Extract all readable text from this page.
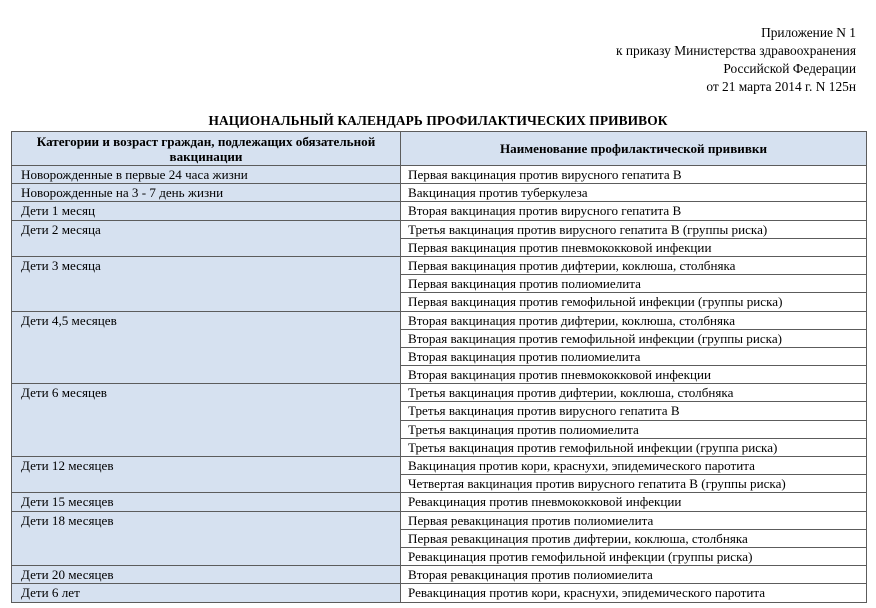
Приложение N 1
к приказу Министерства здравоохранения
Российской Федерации
от 21 марта 2014 г. N 125н
НАЦИОНАЛЬНЫЙ КАЛЕНДАРЬ ПРОФИЛАКТИЧЕСКИХ ПРИВИВОК
Категории и возраст граждан, подлежащих обязательной вакцинации	Наименование профилактической прививки
Новорожденные в первые 24 часа жизни	Первая вакцинация против вирусного гепатита В
Новорожденные на 3 - 7 день жизни	Вакцинация против туберкулеза
Дети 1 месяц	Вторая вакцинация против вирусного гепатита В
Дети 2 месяца	Третья вакцинация против вирусного гепатита В (группы риска)
	Первая вакцинация против пневмококковой инфекции
Дети 3 месяца	Первая вакцинация против дифтерии, коклюша, столбняка
	Первая вакцинация против полиомиелита
	Первая вакцинация против гемофильной инфекции (группы риска)
Дети 4,5 месяцев	Вторая вакцинация против дифтерии, коклюша, столбняка
	Вторая вакцинация против гемофильной инфекции (группы риска)
	Вторая вакцинация против полиомиелита
	Вторая вакцинация против пневмококковой инфекции
Дети 6 месяцев	Третья вакцинация против дифтерии, коклюша, столбняка
	Третья вакцинация против вирусного гепатита В
	Третья вакцинация против полиомиелита
	Третья вакцинация против гемофильной инфекции (группа риска)
Дети 12 месяцев	Вакцинация против кори, краснухи, эпидемического паротита
	Четвертая вакцинация против вирусного гепатита В (группы риска)
Дети 15 месяцев	Ревакцинация против пневмококковой инфекции
Дети 18 месяцев	Первая ревакцинация против полиомиелита
	Первая ревакцинация против дифтерии, коклюша, столбняка
	Ревакцинация против гемофильной инфекции (группы риска)
Дети 20 месяцев	Вторая ревакцинация против полиомиелита
Дети 6 лет	Ревакцинация против кори, краснухи, эпидемического паротита
